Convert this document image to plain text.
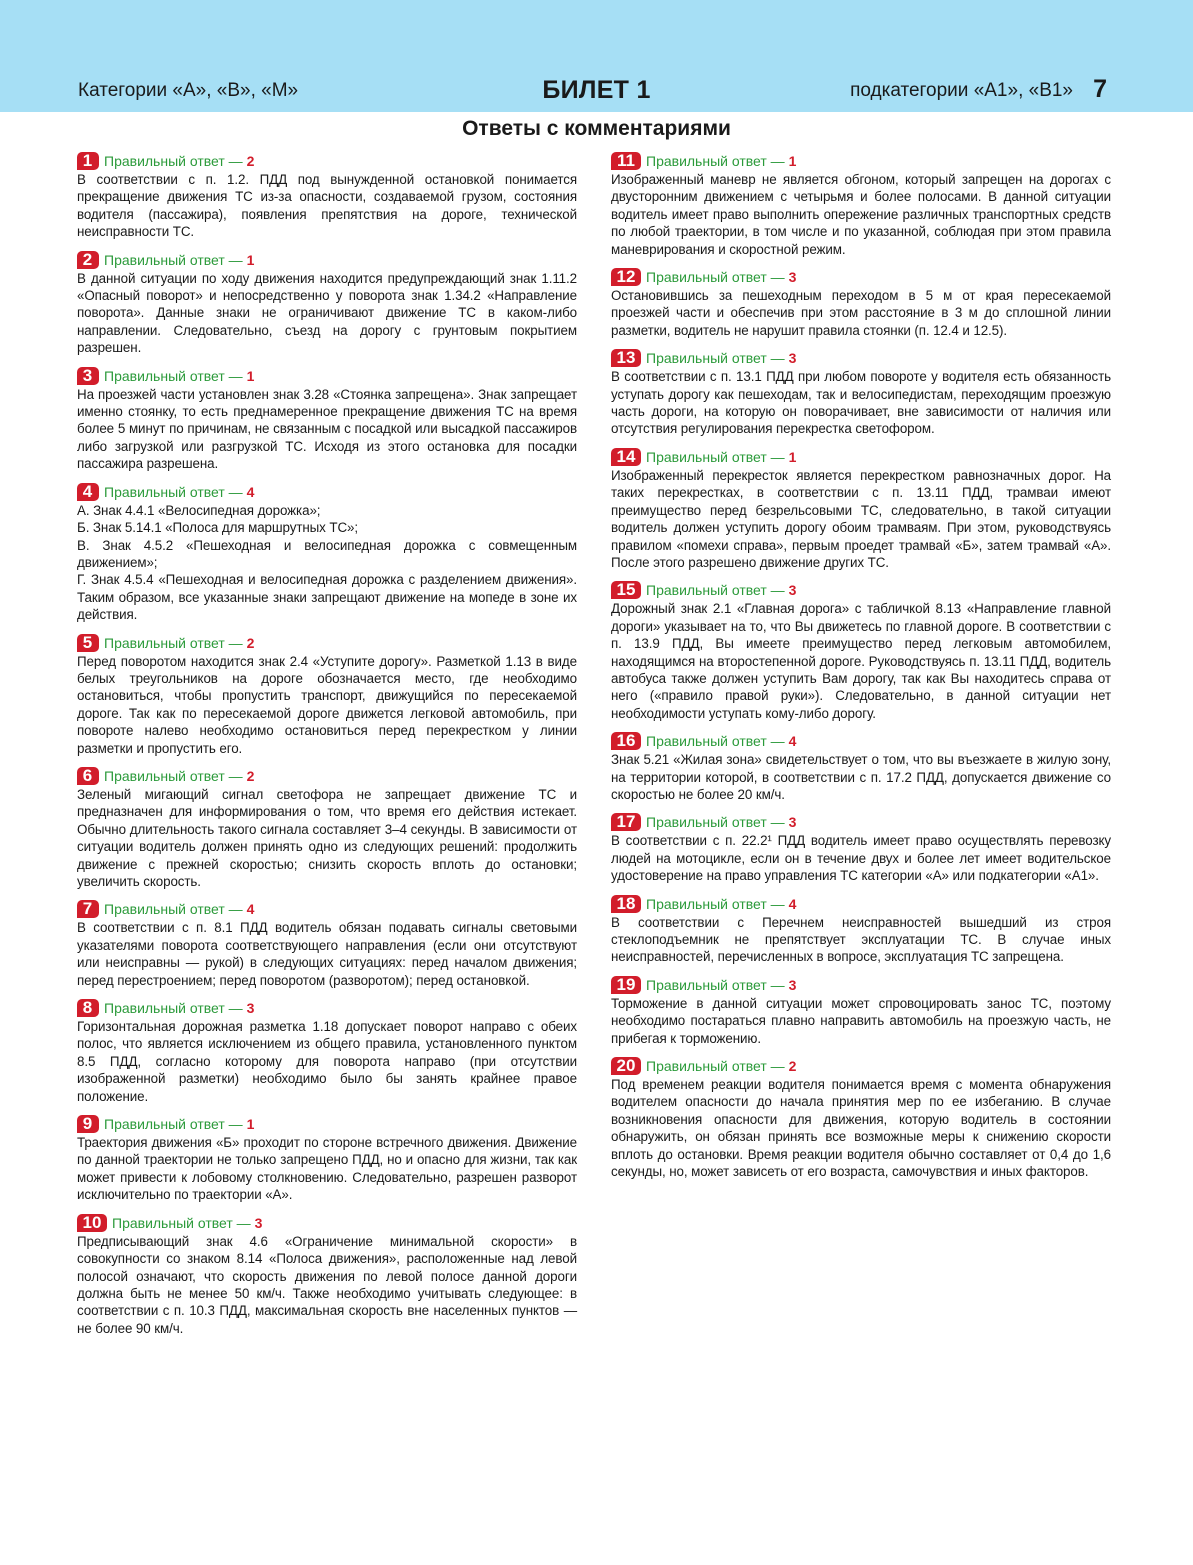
Категории «А», «В», «М»	БИЛЕТ 1	подкатегории «А1», «В1» 7
Ответы с комментариями
1 Правильный ответ — 2
В соответствии с п. 1.2. ПДД под вынужденной остановкой понимается прекращение движения ТС из-за опасности, создаваемой грузом, состояния водителя (пассажира), появления препятствия на дороге, технической неисправности ТС.
2 Правильный ответ — 1
В данной ситуации по ходу движения находится предупреждающий знак 1.11.2 «Опасный поворот» и непосредственно у поворота знак 1.34.2 «Направление поворота». Данные знаки не ограничивают движение ТС в каком-либо направлении. Следовательно, съезд на дорогу с грунтовым покрытием разрешен.
3 Правильный ответ — 1
На проезжей части установлен знак 3.28 «Стоянка запрещена». Знак запрещает именно стоянку, то есть преднамеренное прекращение движения ТС на время более 5 минут по причинам, не связанным с посадкой или высадкой пассажиров либо загрузкой или разгрузкой ТС. Исходя из этого остановка для посадки пассажира разрешена.
4 Правильный ответ — 4
А. Знак 4.4.1 «Велосипедная дорожка»;
Б. Знак 5.14.1 «Полоса для маршрутных ТС»;
В. Знак 4.5.2 «Пешеходная и велосипедная дорожка с совмещенным движением»;
Г. Знак 4.5.4 «Пешеходная и велосипедная дорожка с разделением движения». Таким образом, все указанные знаки запрещают движение на мопеде в зоне их действия.
5 Правильный ответ — 2
Перед поворотом находится знак 2.4 «Уступите дорогу». Разметкой 1.13 в виде белых треугольников на дороге обозначается место, где необходимо остановиться, чтобы пропустить транспорт, движущийся по пересекаемой дороге. Так как по пересекаемой дороге движется легковой автомобиль, при повороте налево необходимо остановиться перед перекрестком у линии разметки и пропустить его.
6 Правильный ответ — 2
Зеленый мигающий сигнал светофора не запрещает движение ТС и предназначен для информирования о том, что время его действия истекает. Обычно длительность такого сигнала составляет 3–4 секунды. В зависимости от ситуации водитель должен принять одно из следующих решений: продолжить движение с прежней скоростью; снизить скорость вплоть до остановки; увеличить скорость.
7 Правильный ответ — 4
В соответствии с п. 8.1 ПДД водитель обязан подавать сигналы световыми указателями поворота соответствующего направления (если они отсутствуют или неисправны — рукой) в следующих ситуациях: перед началом движения; перед перестроением; перед поворотом (разворотом); перед остановкой.
8 Правильный ответ — 3
Горизонтальная дорожная разметка 1.18 допускает поворот направо с обеих полос, что является исключением из общего правила, установленного пунктом 8.5 ПДД, согласно которому для поворота направо (при отсутствии изображенной разметки) необходимо было бы занять крайнее правое положение.
9 Правильный ответ — 1
Траектория движения «Б» проходит по стороне встречного движения. Движение по данной траектории не только запрещено ПДД, но и опасно для жизни, так как может привести к лобовому столкновению. Следовательно, разрешен разворот исключительно по траектории «А».
10 Правильный ответ — 3
Предписывающий знак 4.6 «Ограничение минимальной скорости» в совокупности со знаком 8.14 «Полоса движения», расположенные над левой полосой означают, что скорость движения по левой полосе данной дороги должна быть не менее 50 км/ч. Также необходимо учитывать следующее: в соответствии с п. 10.3 ПДД, максимальная скорость вне населенных пунктов — не более 90 км/ч.
11 Правильный ответ — 1
Изображенный маневр не является обгоном, который запрещен на дорогах с двусторонним движением с четырьмя и более полосами. В данной ситуации водитель имеет право выполнить опережение различных транспортных средств по любой траектории, в том числе и по указанной, соблюдая при этом правила маневрирования и скоростной режим.
12 Правильный ответ — 3
Остановившись за пешеходным переходом в 5 м от края пересекаемой проезжей части и обеспечив при этом расстояние в 3 м до сплошной линии разметки, водитель не нарушит правила стоянки (п. 12.4 и 12.5).
13 Правильный ответ — 3
В соответствии с п. 13.1 ПДД при любом повороте у водителя есть обязанность уступать дорогу как пешеходам, так и велосипедистам, переходящим проезжую часть дороги, на которую он поворачивает, вне зависимости от наличия или отсутствия регулирования перекрестка светофором.
14 Правильный ответ — 1
Изображенный перекресток является перекрестком равнозначных дорог. На таких перекрестках, в соответствии с п. 13.11 ПДД, трамваи имеют преимущество перед безрельсовыми ТС, следовательно, в такой ситуации водитель должен уступить дорогу обоим трамваям. При этом, руководствуясь правилом «помехи справа», первым проедет трамвай «Б», затем трамвай «А». После этого разрешено движение других ТС.
15 Правильный ответ — 3
Дорожный знак 2.1 «Главная дорога» с табличкой 8.13 «Направление главной дороги» указывает на то, что Вы движетесь по главной дороге. В соответствии с п. 13.9 ПДД, Вы имеете преимущество перед легковым автомобилем, находящимся на второстепенной дороге. Руководствуясь п. 13.11 ПДД, водитель автобуса также должен уступить Вам дорогу, так как Вы находитесь справа от него («правило правой руки»). Следовательно, в данной ситуации нет необходимости уступать кому-либо дорогу.
16 Правильный ответ — 4
Знак 5.21 «Жилая зона» свидетельствует о том, что вы въезжаете в жилую зону, на территории которой, в соответствии с п. 17.2 ПДД, допускается движение со скоростью не более 20 км/ч.
17 Правильный ответ — 3
В соответствии с п. 22.2¹ ПДД водитель имеет право осуществлять перевозку людей на мотоцикле, если он в течение двух и более лет имеет водительское удостоверение на право управления ТС категории «А» или подкатегории «А1».
18 Правильный ответ — 4
В соответствии с Перечнем неисправностей вышедший из строя стеклоподъемник не препятствует эксплуатации ТС. В случае иных неисправностей, перечисленных в вопросе, эксплуатация ТС запрещена.
19 Правильный ответ — 3
Торможение в данной ситуации может спровоцировать занос ТС, поэтому необходимо постараться плавно направить автомобиль на проезжую часть, не прибегая к торможению.
20 Правильный ответ — 2
Под временем реакции водителя понимается время с момента обнаружения водителем опасности до начала принятия мер по ее избеганию. В случае возникновения опасности для движения, которую водитель в состоянии обнаружить, он обязан принять все возможные меры к снижению скорости вплоть до остановки. Время реакции водителя обычно составляет от 0,4 до 1,6 секунды, но, может зависеть от его возраста, самочувствия и иных факторов.
